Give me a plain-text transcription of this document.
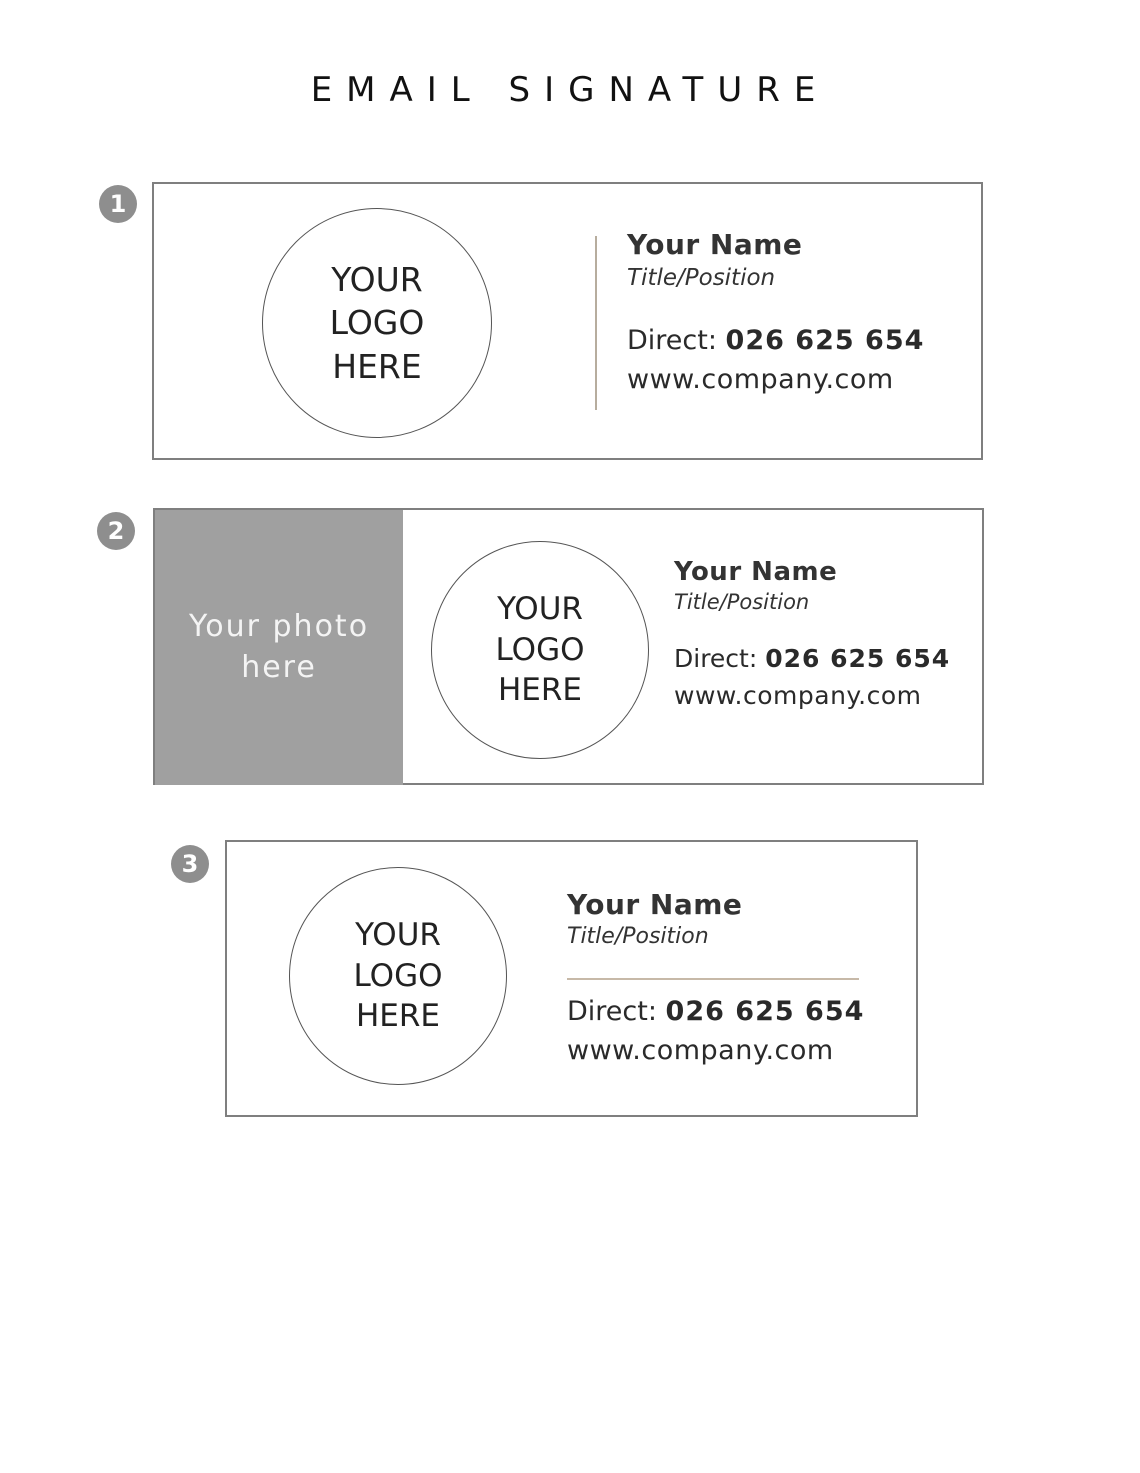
EMAIL SIGNATURE
1
YOUR
LOGO
HERE
Your Name
Title/Position
Direct: 026 625 654
www.company.com
2
Your photo
here
YOUR
LOGO
HERE
Your Name
Title/Position
Direct: 026 625 654
www.company.com
3
YOUR
LOGO
HERE
Your Name
Title/Position
Direct: 026 625 654
www.company.com
